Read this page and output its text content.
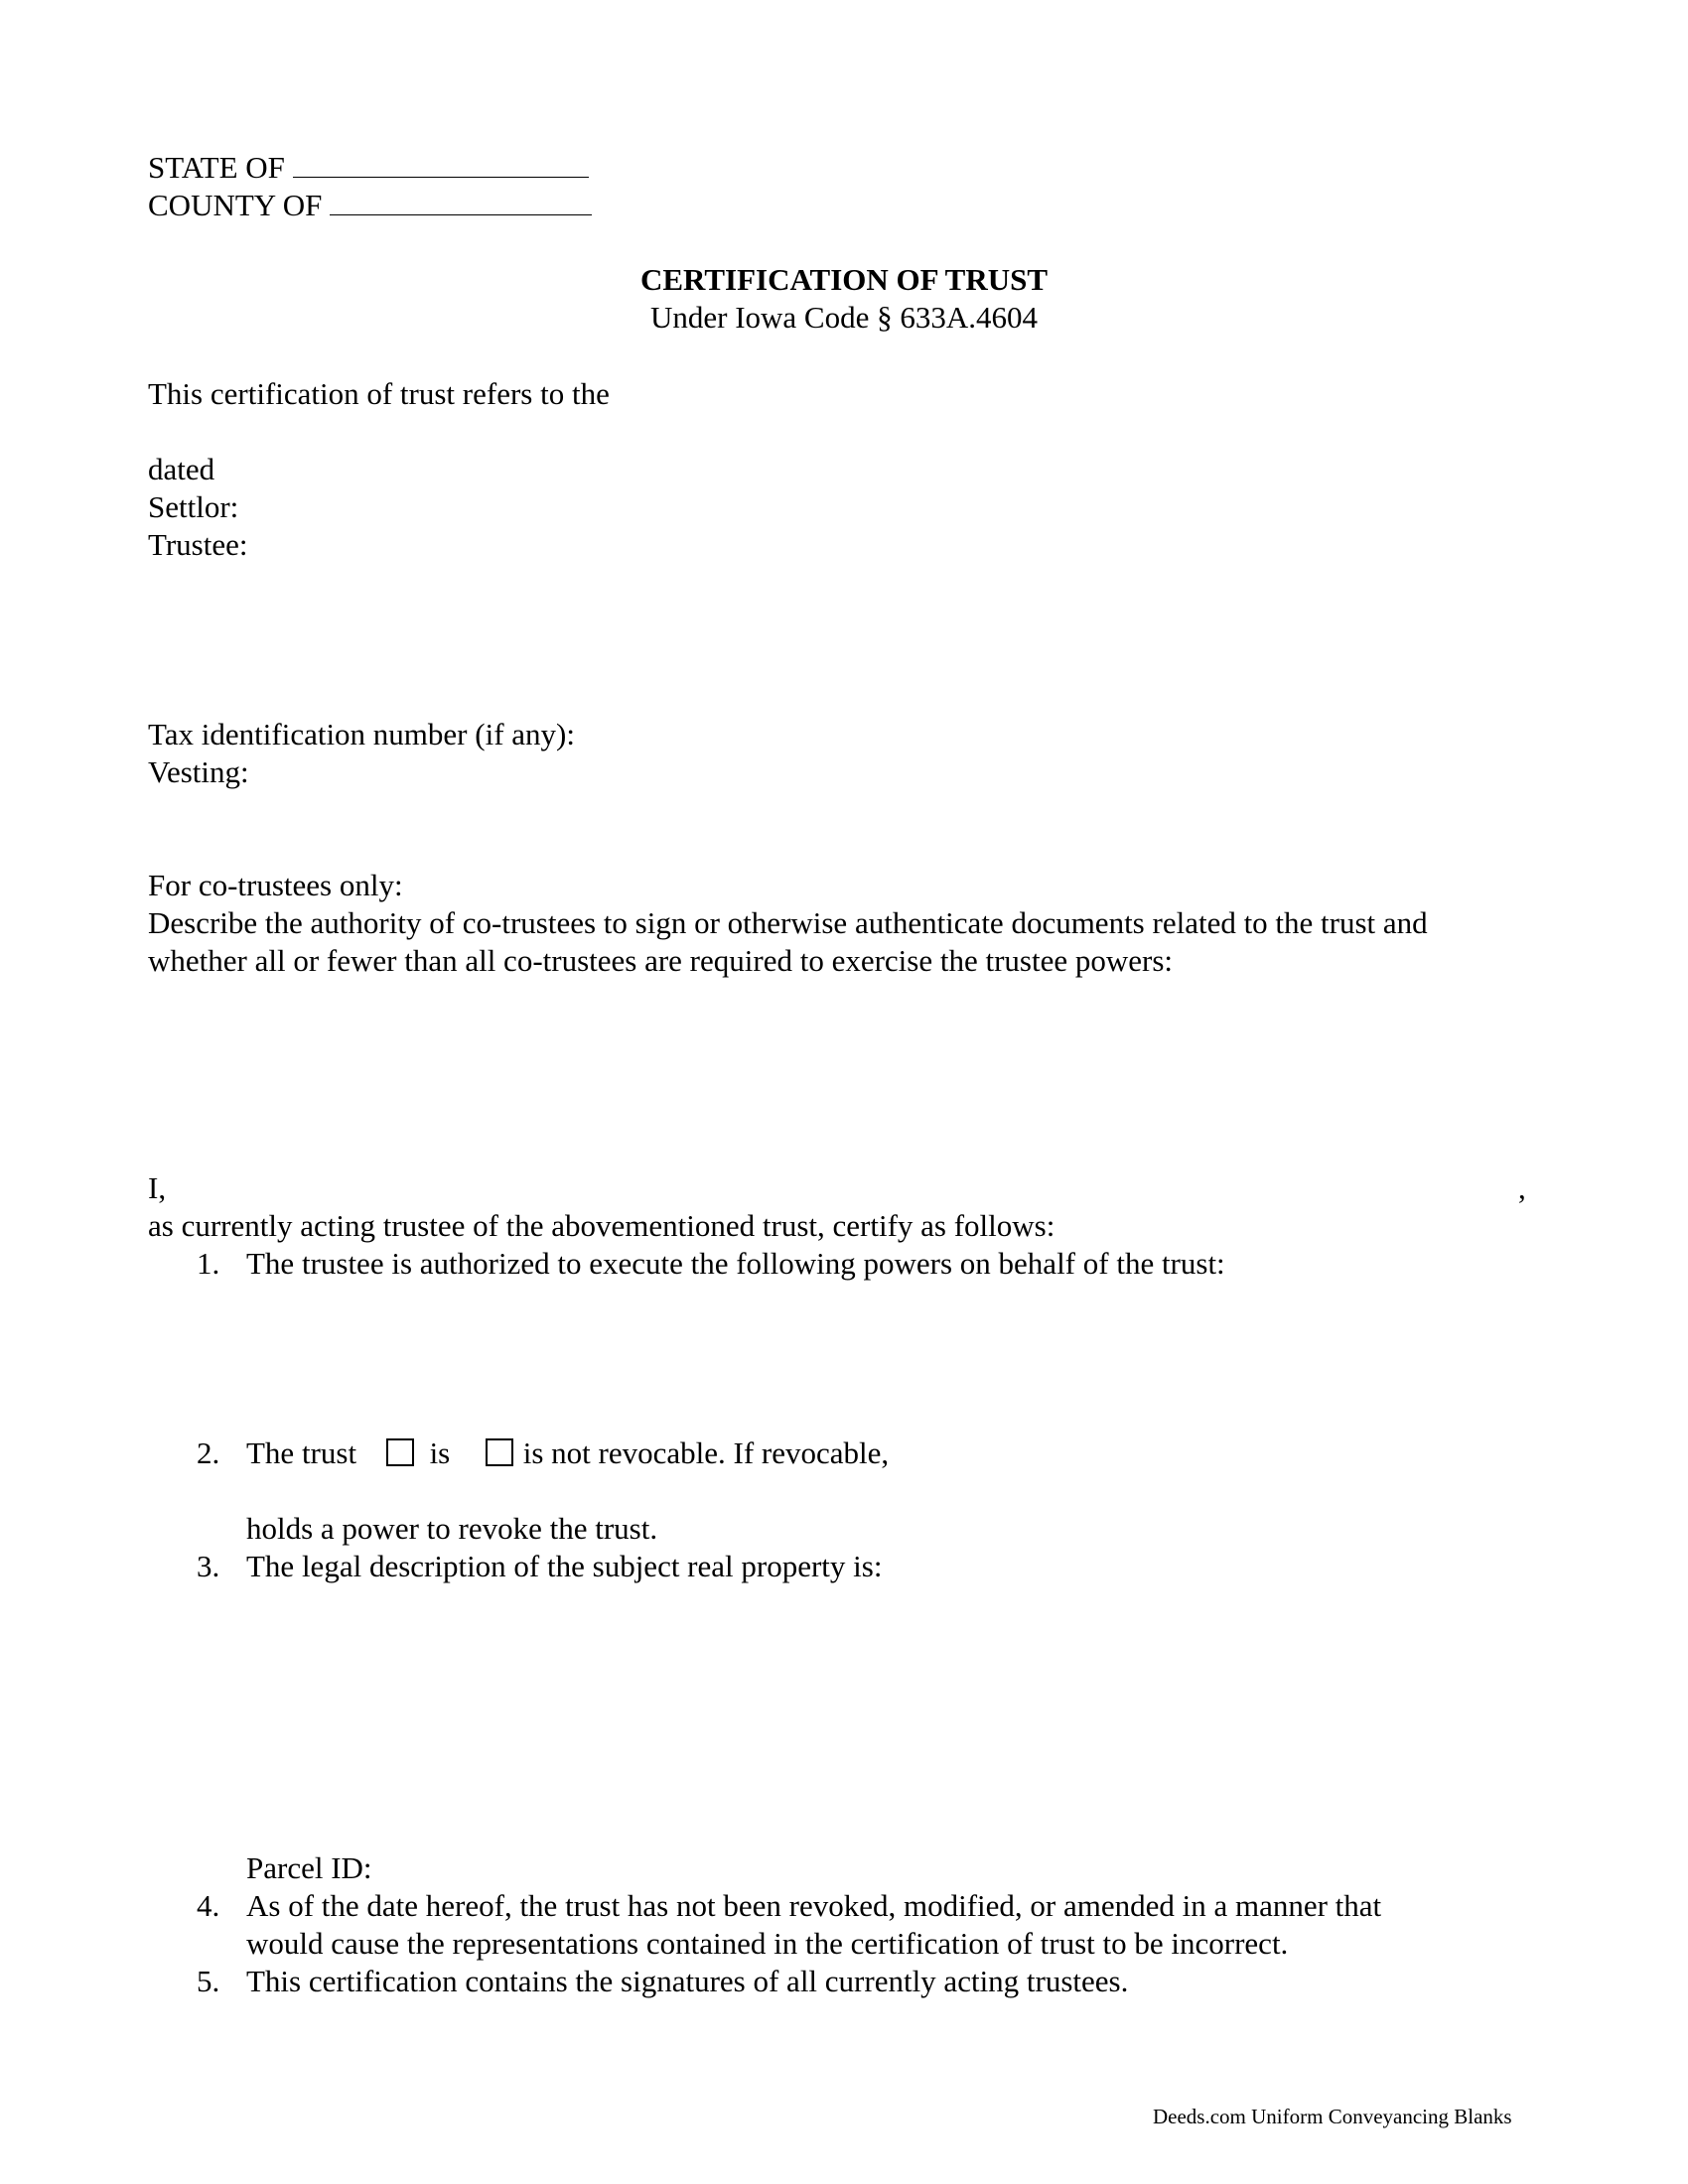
STATE OF
COUNTY OF
CERTIFICATION OF TRUST
Under Iowa Code § 633A.4604
This certification of trust refers to the
dated
Settlor:
Trustee:
Tax identification number (if any):
Vesting:
For co-trustees only:
Describe the authority of co-trustees to sign or otherwise authenticate documents related to the trust and
whether all or fewer than all co-trustees are required to exercise the trustee powers:
I,	,
as currently acting trustee of the abovementioned trust, certify as follows:
1. The trustee is authorized to execute the following powers on behalf of the trust:
2. The trust is is not revocable. If revocable,
holds a power to revoke the trust.
3. The legal description of the subject real property is:
Parcel ID:
4. As of the date hereof, the trust has not been revoked, modified, or amended in a manner that
would cause the representations contained in the certification of trust to be incorrect.
5. This certification contains the signatures of all currently acting trustees.
Deeds.com Uniform Conveyancing Blanks
